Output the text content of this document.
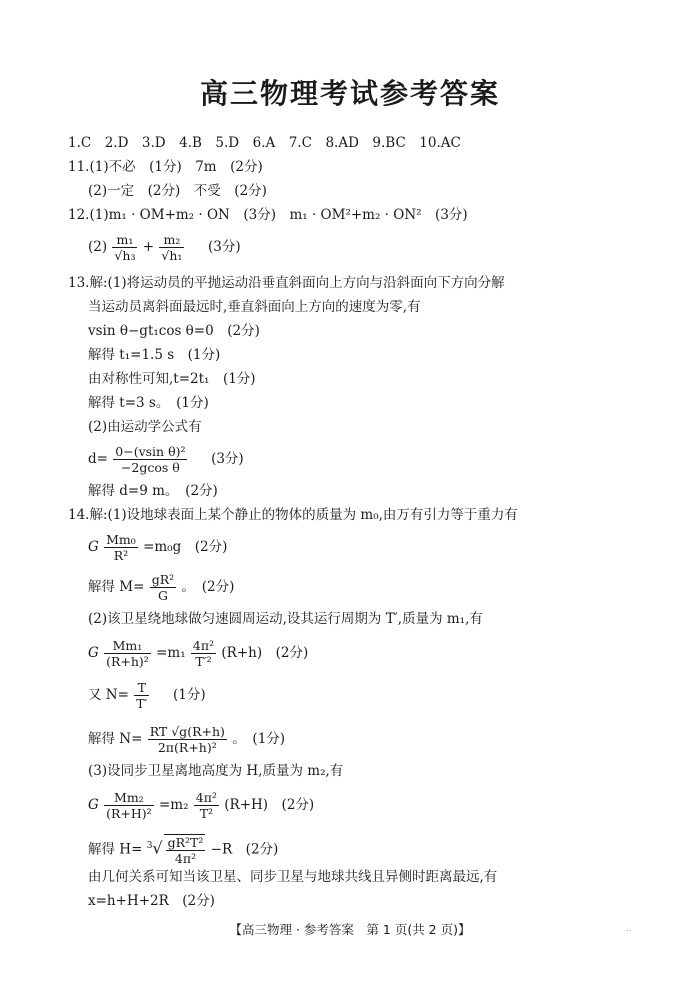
高三物理考试参考答案
1.C　2.D　3.D　4.B　5.D　6.A　7.C　8.AD　9.BC　10.AC
11.(1)不必　(1分)　7m　(2分)
(2)一定　(2分)　不受　(2分)
12.(1)m₁ · OM+m₂ · ON　(3分)　m₁ · OM²+m₂ · ON²　(3分)
$(2) \frac{\text{m₁}}{\text{√h₃}} + \frac{\text{m₂}}{\text{√h₁}} (3$分)
13.解:(1)将运动员的平抛运动沿垂直斜面向上方向与沿斜面向下方向分解
当运动员离斜面最远时,垂直斜面向上方向的速度为零,有
vsin θ−gt₁cos θ=0　(2分)
解得 t₁=1.5 s　(1分)
由对称性可知,t=2t₁　(1分)
解得 t=3 s。　(1分)
(2)由运动学公式有
$d= \frac{\text{0−(vsin θ)²}}{\text{−2gcos θ}} (3$分)
解得 d=9 m。　(2分)
14.解:(1)设地球表面上某个静止的物体的质量为 m₀,由万有引力等于重力有
G $\frac{\text{Mm₀}}{\text{R²}} =m_0g$　(2分)
解得 $M= \frac{\text{gR²}}{G}$ 。　(2分)
(2)该卫星绕地球做匀速圆周运动,设其运行周期为 T′,质量为 m₁,有
G $\frac{\text{Mm₁}}{\text{(R+h)²}} =m_1 \frac{\text{4π²}}{\text{T′²}} (R+h)$　(2分)
又 $N= \frac{T}{T'} (1$分)
解得 $N= \frac{RT √g(R+h)}{\text{2π(R+h)²}}$ 。　(1分)
(3)设同步卫星离地高度为 H,质量为 m₂,有
G $\frac{\text{Mm₂}}{\text{(R+H)²}} =m_2 \frac{\text{4π²}}{\text{T²}} (R+H)$　(2分)
解得 $H= ^3√ \frac{\text{gR²T²}}{\text{4π²}} -R$　(2分)
由几何关系可知当该卫星、同步卫星与地球共线且异侧时距离最远,有
x=h+H+2R　(2分)
【高三物理 · 参考答案　第 1 页(共 2 页)】	..
